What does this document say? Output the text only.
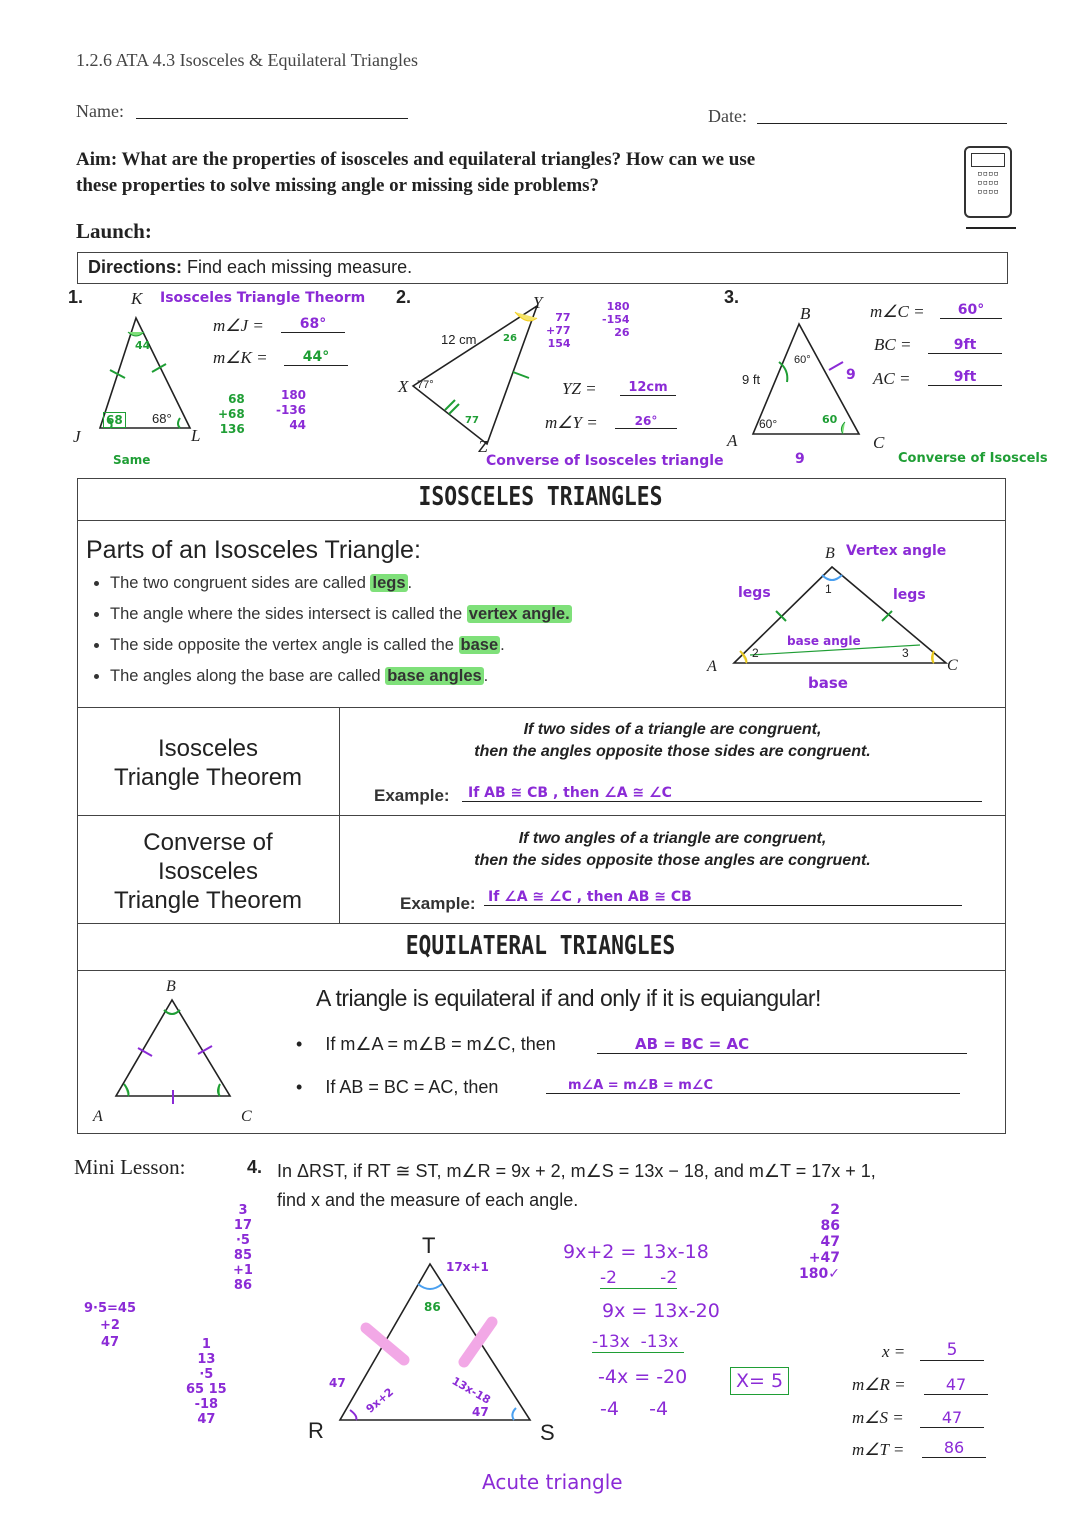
1.2.6 ATA 4.3 Isosceles & Equilateral Triangles
Name:	Date:
Aim: What are the properties of isosceles and equilateral triangles? How can we use
these properties to solve missing angle or missing side problems?
▫▫▫▫
▫▫▫▫
▫▫▫▫
Launch:
Directions: Find each missing measure.
1.	K Isosceles Triangle Theorm
44
J	L
68 68°
Same
m∠J =	68°
m∠K =	44°
68
+68
136
180
-136
44
2.	Y
X
Z
12 cm
77°
77
26
77
+77
154
180
-154
26
YZ =	12cm
m∠Y =	26°
Converse of Isosceles triangle
3.
B
A	C
9 ft
60°
60°	60
9
9
m∠C =	60°
BC =	9ft
AC =	9ft
Converse of Isoscels
ISOSCELES TRIANGLES
Parts of an Isosceles Triangle:
• The two congruent sides are called legs .
• The angle where the sides intersect is called the vertex angle.
• The side opposite the vertex angle is called the base .
• The angles along the base are called base angles .
B Vertex angle
1
legs	legs
base angle
2	3
A	C
base
Isosceles
Triangle Theorem
If two sides of a triangle are congruent,
then the angles opposite those sides are congruent.
Example:	If AB ≅ CB , then ∠A ≅ ∠C
Converse of
Isosceles
Triangle Theorem
If two angles of a triangle are congruent,
then the sides opposite those angles are congruent.
Example: If ∠A ≅ ∠C , then AB ≅ CB
EQUILATERAL TRIANGLES
B
A	C
A triangle is equilateral if and only if it is equiangular!
• If m∠A = m∠B = m∠C, then	AB = BC = AC
• If AB = BC = AC, then	m∠A = m∠B = m∠C
Mini Lesson:	4. In ΔRST, if RT ≅ ST, m∠R = 9x + 2, m∠S = 13x − 18, and m∠T = 17x + 1,
find x and the measure of each angle.
T
R	S
17x+1
86
9x+2
47	13x-18
47
9·5=45
+2
47
3
17
·5
85
+1
86
1
13
·5
65 15
-18
47
9x+2 = 13x-18
-2        -2
9x = 13x-20
-13x  -13x
-4x = -20
-4     -4
X= 5
2
86
47
+47
180✓
Acute triangle
x =	5
m∠R =	47
m∠S =	47
m∠T =	86
